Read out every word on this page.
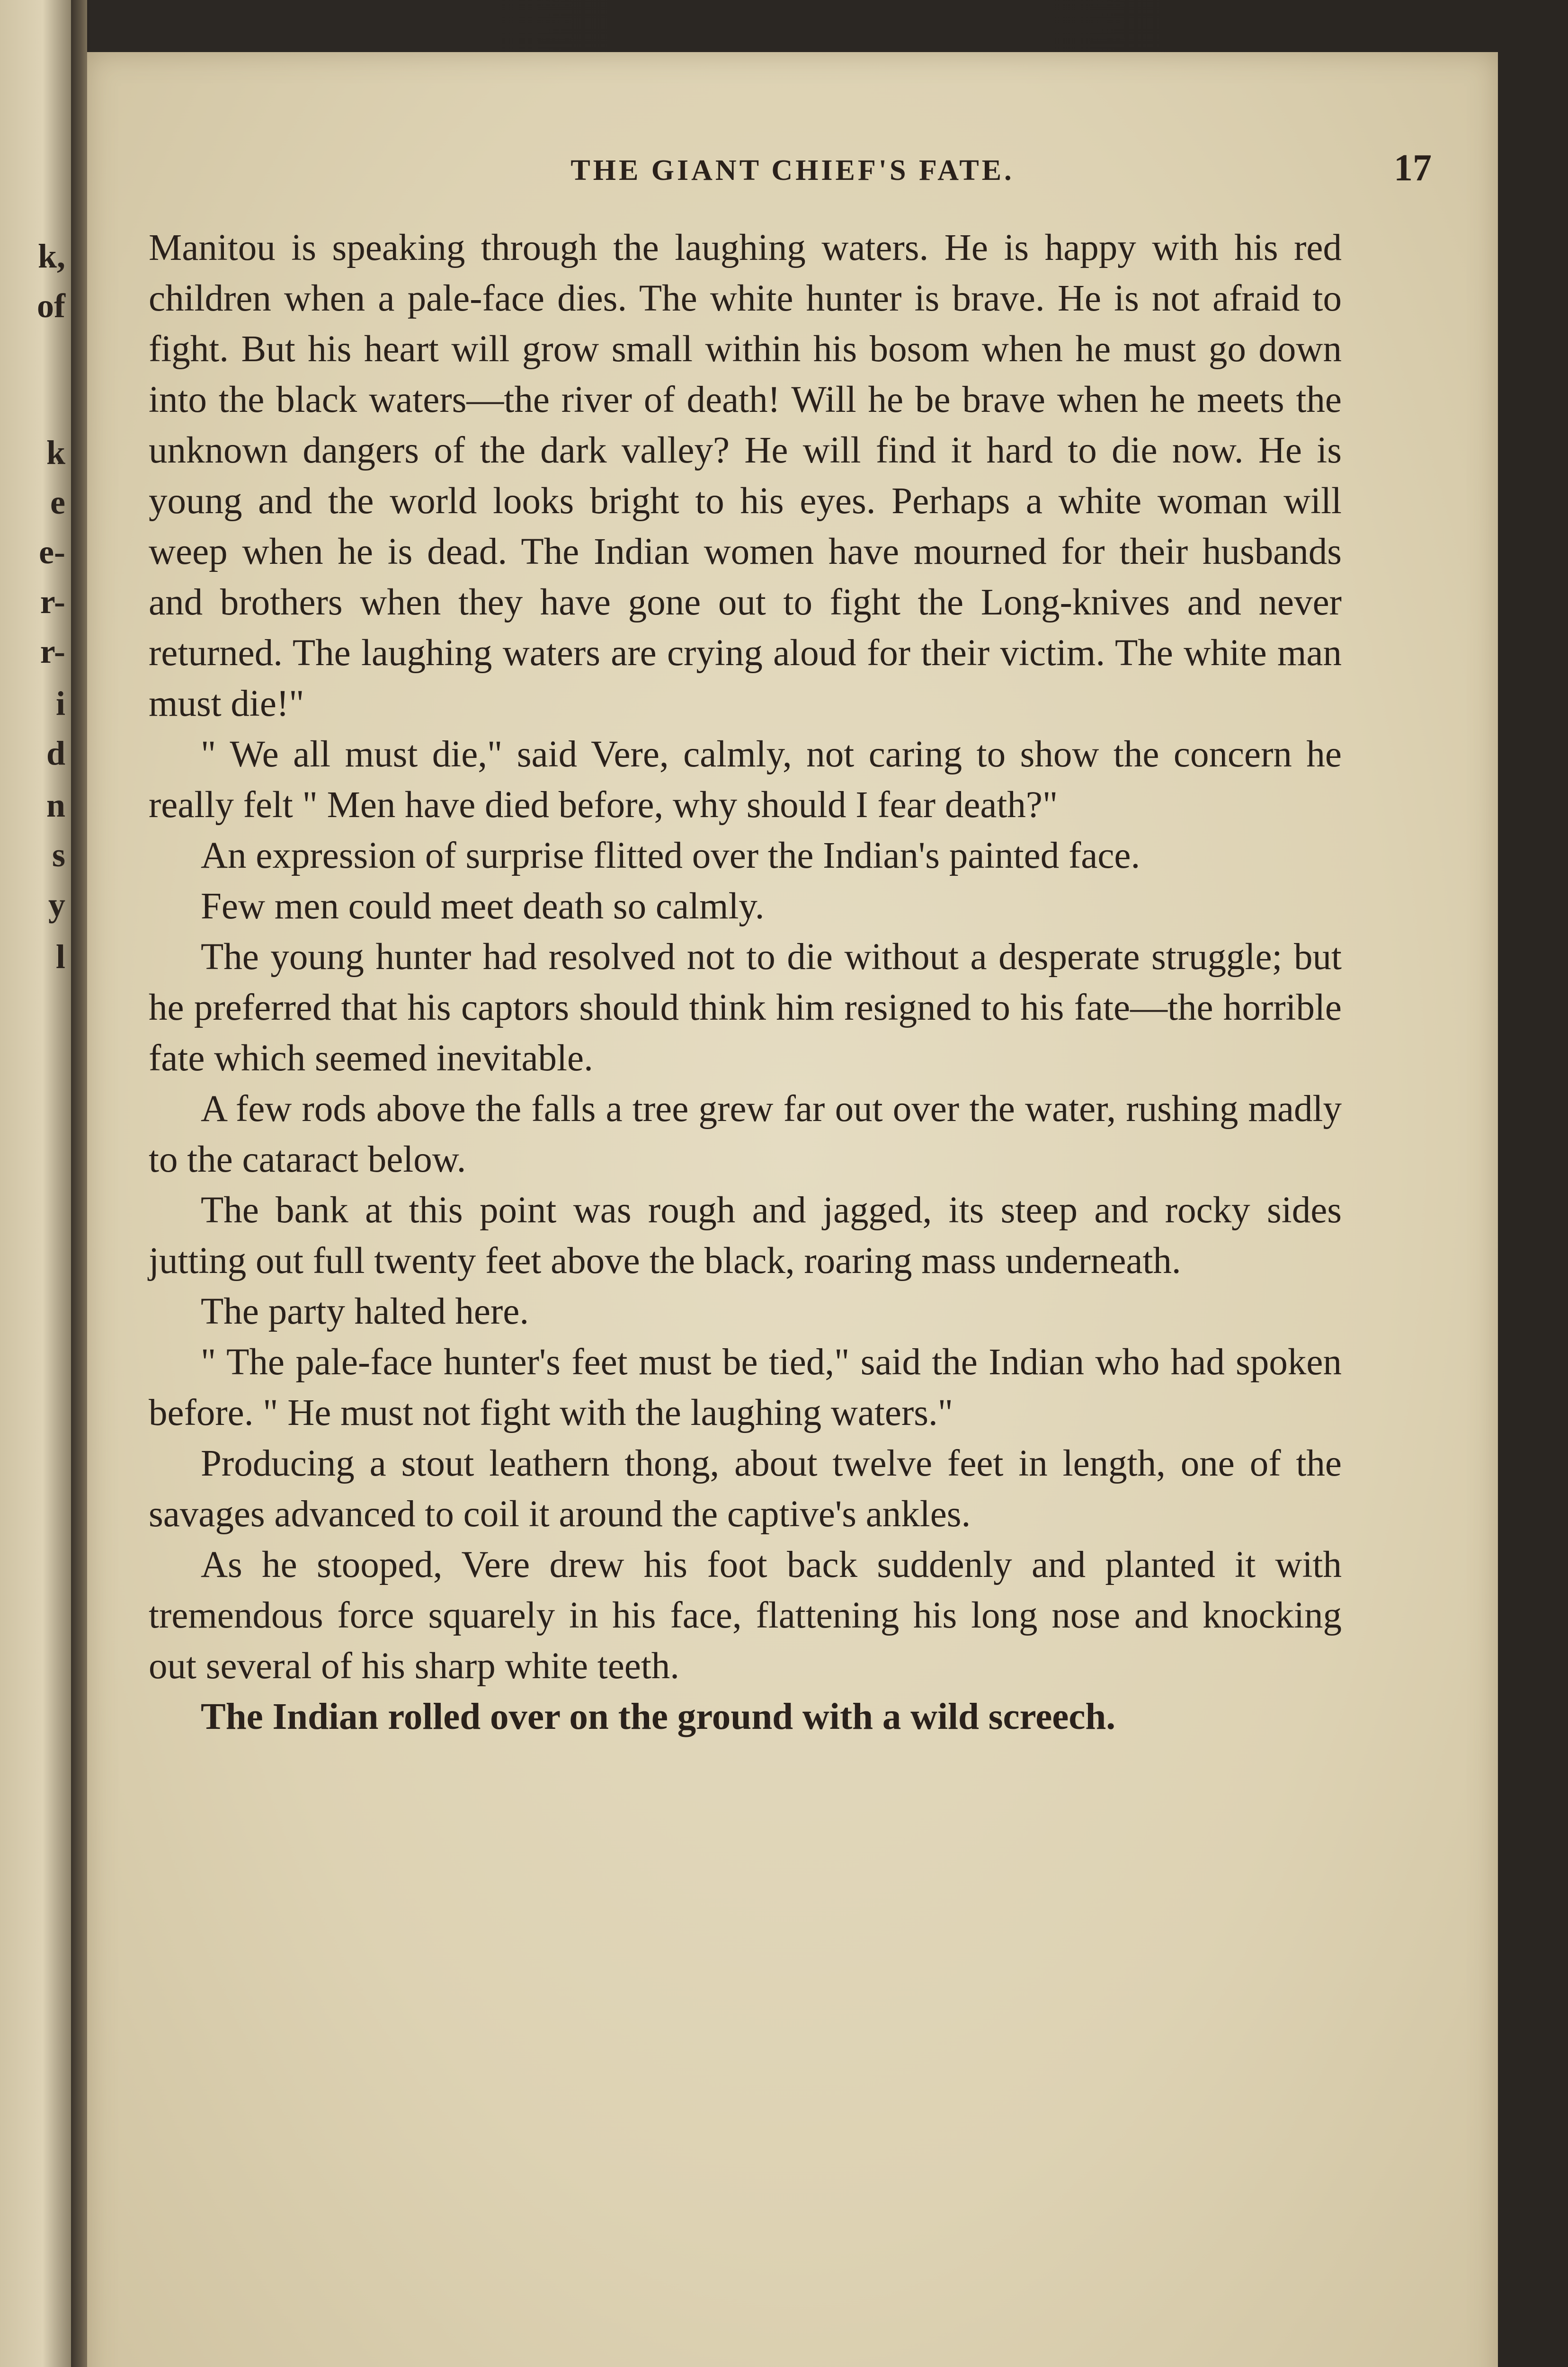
k,
of
k
e
e-
r-
r-
i
d
n
s
y
l
THE GIANT CHIEF'S FATE.	17

Manitou is speaking through the laughing waters. He is happy with his red children when a pale-face dies. The white hunter is brave. He is not afraid to fight. But his heart will grow small within his bosom when he must go down into the black waters—the river of death! Will he be brave when he meets the unknown dangers of the dark valley? He will find it hard to die now. He is young and the world looks bright to his eyes. Perhaps a white woman will weep when he is dead. The Indian women have mourned for their husbands and brothers when they have gone out to fight the Long-knives and never returned. The laughing waters are crying aloud for their victim. The white man must die!"

" We all must die," said Vere, calmly, not caring to show the concern he really felt " Men have died before, why should I fear death?"

An expression of surprise flitted over the Indian's painted face.

Few men could meet death so calmly.

The young hunter had resolved not to die without a desperate struggle; but he preferred that his captors should think him resigned to his fate—the horrible fate which seemed inevitable.

A few rods above the falls a tree grew far out over the water, rushing madly to the cataract below.

The bank at this point was rough and jagged, its steep and rocky sides jutting out full twenty feet above the black, roaring mass underneath.

The party halted here.

" The pale-face hunter's feet must be tied," said the Indian who had spoken before. " He must not fight with the laughing waters."

Producing a stout leathern thong, about twelve feet in length, one of the savages advanced to coil it around the captive's ankles.

As he stooped, Vere drew his foot back suddenly and planted it with tremendous force squarely in his face, flattening his long nose and knocking out several of his sharp white teeth.

The Indian rolled over on the ground with a wild screech.
